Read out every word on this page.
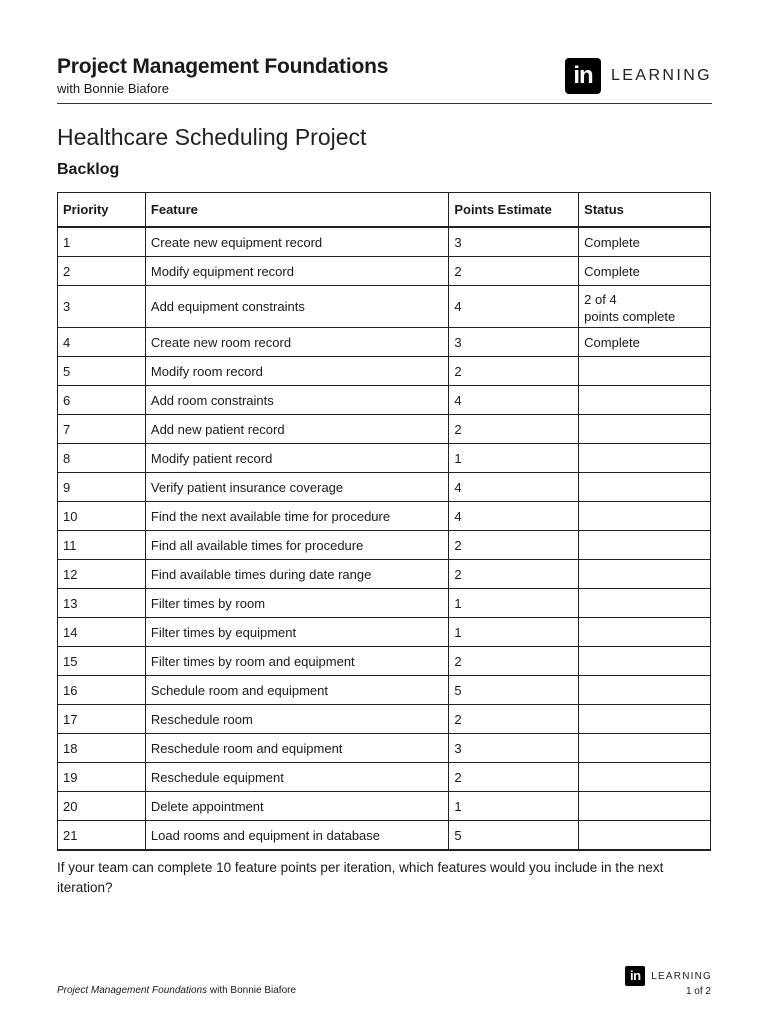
Project Management Foundations
with Bonnie Biafore	in	LEARNING
Healthcare Scheduling Project
Backlog
Priority	Feature	Points Estimate	Status
1	Create new equipment record	3	Complete
2	Modify equipment record	2	Complete
3	Add equipment constraints	4	2 of 4
points complete

4	Create new room record	3	Complete
5	Modify room record	2	
6	Add room constraints	4	
7	Add new patient record	2	
8	Modify patient record	1	
9	Verify patient insurance coverage	4	
10	Find the next available time for procedure	4	
11	Find all available times for procedure	2	
12	Find available times during date range	2	
13	Filter times by room	1	
14	Filter times by equipment	1	
15	Filter times by room and equipment	2	
16	Schedule room and equipment	5	
17	Reschedule room	2	
18	Reschedule room and equipment	3	
19	Reschedule equipment	2	
20	Delete appointment	1	
21	Load rooms and equipment in database	5	
If your team can complete 10 feature points per iteration, which features would you include in the next iteration?
Project Management Foundations with Bonnie Biafore
in	LEARNING
1 of 2
